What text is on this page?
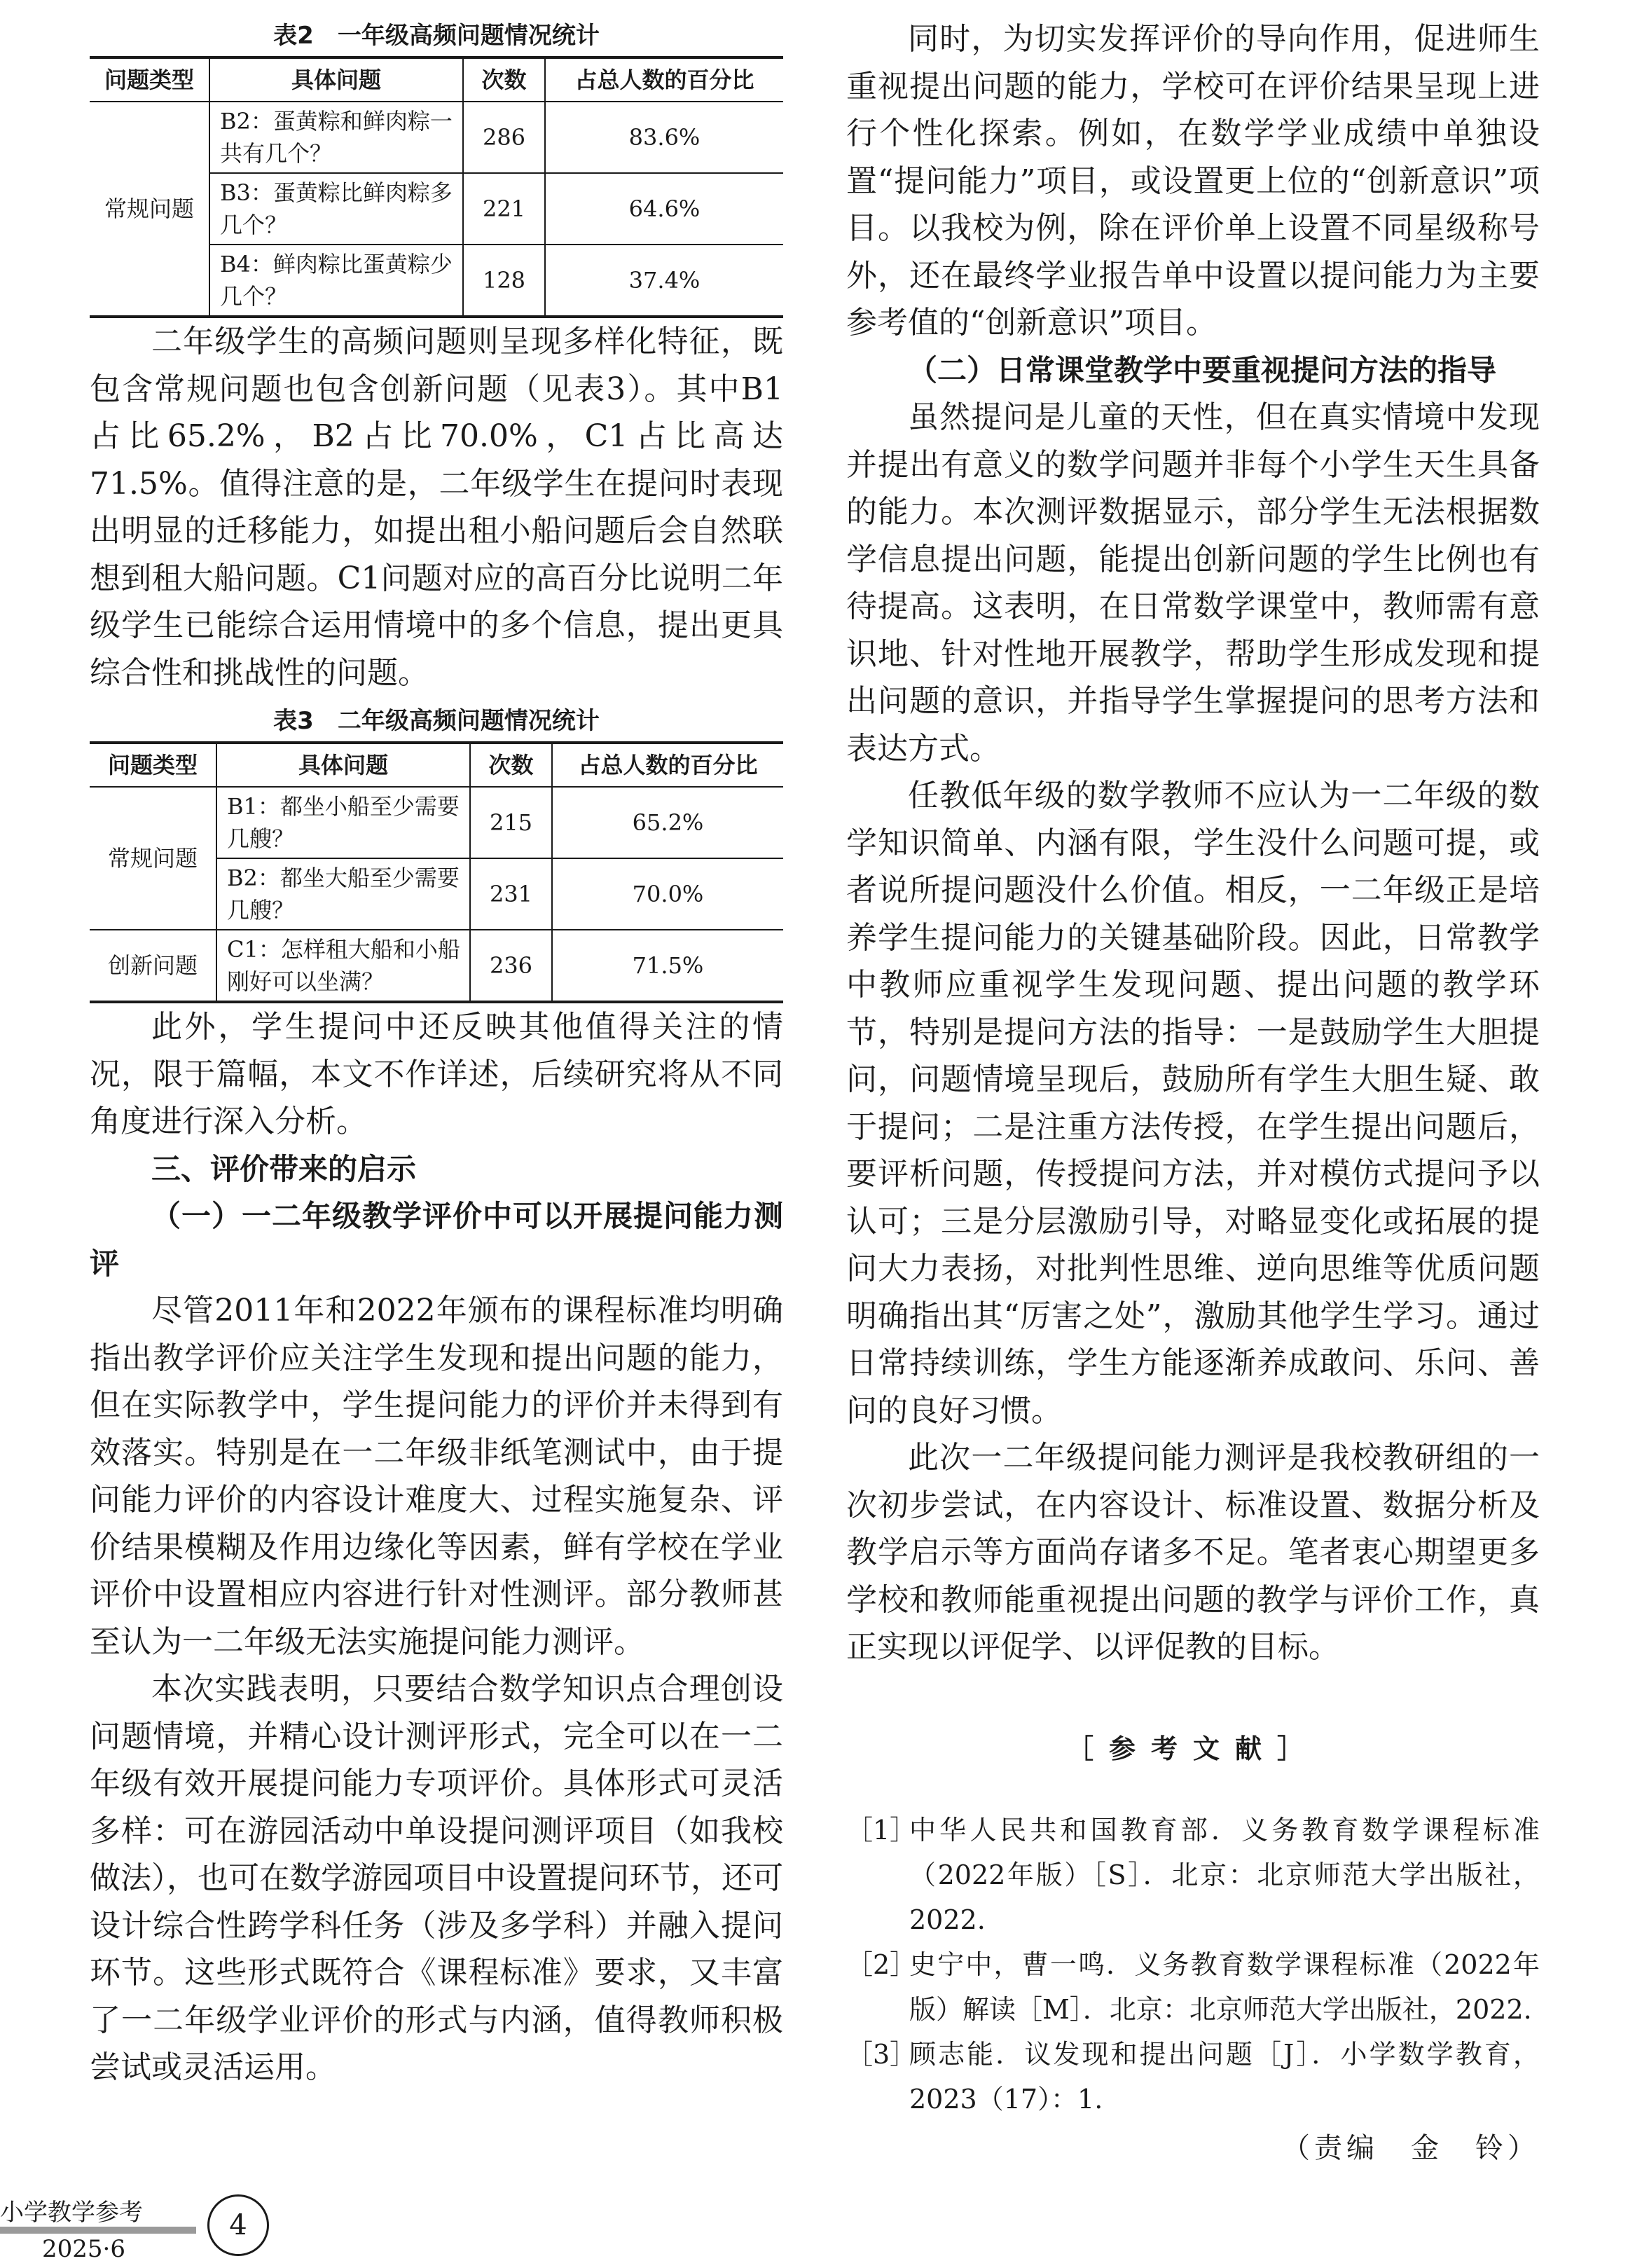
表2　一年级高频问题情况统计

问题类型	具体问题	次数	占总人数的百分比
常规问题	B2：蛋黄粽和鲜肉粽一共有几个？	286	83.6%
	B3：蛋黄粽比鲜肉粽多几个？	221	64.6%
	B4：鲜肉粽比蛋黄粽少几个？	128	37.4%

二年级学生的高频问题则呈现多样化特征，既包含常规问题也包含创新问题（见表3）。其中B1占比65.2%，B2占比70.0%，C1占比高达71.5%。值得注意的是，二年级学生在提问时表现出明显的迁移能力，如提出租小船问题后会自然联想到租大船问题。C1问题对应的高百分比说明二年级学生已能综合运用情境中的多个信息，提出更具综合性和挑战性的问题。

表3　二年级高频问题情况统计

问题类型	具体问题	次数	占总人数的百分比
常规问题	B1：都坐小船至少需要几艘？	215	65.2%
	B2：都坐大船至少需要几艘？	231	70.0%
创新问题	C1：怎样租大船和小船刚好可以坐满？	236	71.5%

此外，学生提问中还反映其他值得关注的情况，限于篇幅，本文不作详述，后续研究将从不同角度进行深入分析。

三、评价带来的启示

（一）一二年级教学评价中可以开展提问能力测评

尽管2011年和2022年颁布的课程标准均明确指出教学评价应关注学生发现和提出问题的能力，但在实际教学中，学生提问能力的评价并未得到有效落实。特别是在一二年级非纸笔测试中，由于提问能力评价的内容设计难度大、过程实施复杂、评价结果模糊及作用边缘化等因素，鲜有学校在学业评价中设置相应内容进行针对性测评。部分教师甚至认为一二年级无法实施提问能力测评。

本次实践表明，只要结合数学知识点合理创设问题情境，并精心设计测评形式，完全可以在一二年级有效开展提问能力专项评价。具体形式可灵活多样：可在游园活动中单设提问测评项目（如我校做法），也可在数学游园项目中设置提问环节，还可设计综合性跨学科任务（涉及多学科）并融入提问环节。这些形式既符合《课程标准》要求，又丰富了一二年级学业评价的形式与内涵，值得教师积极尝试或灵活运用。

同时，为切实发挥评价的导向作用，促进师生重视提出问题的能力，学校可在评价结果呈现上进行个性化探索。例如，在数学学业成绩中单独设置“提问能力”项目，或设置更上位的“创新意识”项目。以我校为例，除在评价单上设置不同星级称号外，还在最终学业报告单中设置以提问能力为主要参考值的“创新意识”项目。

（二）日常课堂教学中要重视提问方法的指导

虽然提问是儿童的天性，但在真实情境中发现并提出有意义的数学问题并非每个小学生天生具备的能力。本次测评数据显示，部分学生无法根据数学信息提出问题，能提出创新问题的学生比例也有待提高。这表明，在日常数学课堂中，教师需有意识地、针对性地开展教学，帮助学生形成发现和提出问题的意识，并指导学生掌握提问的思考方法和表达方式。

任教低年级的数学教师不应认为一二年级的数学知识简单、内涵有限，学生没什么问题可提，或者说所提问题没什么价值。相反，一二年级正是培养学生提问能力的关键基础阶段。因此，日常教学中教师应重视学生发现问题、提出问题的教学环节，特别是提问方法的指导：一是鼓励学生大胆提问，问题情境呈现后，鼓励所有学生大胆生疑、敢于提问；二是注重方法传授，在学生提出问题后，要评析问题，传授提问方法，并对模仿式提问予以认可；三是分层激励引导，对略显变化或拓展的提问大力表扬，对批判性思维、逆向思维等优质问题明确指出其“厉害之处”，激励其他学生学习。通过日常持续训练，学生方能逐渐养成敢问、乐问、善问的良好习惯。

此次一二年级提问能力测评是我校教研组的一次初步尝试，在内容设计、标准设置、数据分析及教学启示等方面尚存诸多不足。笔者衷心期望更多学校和教师能重视提出问题的教学与评价工作，真正实现以评促学、以评促教的目标。

［参考文献］

［1］
中华人民共和国教育部．义务教育数学课程标准（2022年版）［S］．北京：北京师范大学出版社，2022.
［2］
史宁中，曹一鸣．义务教育数学课程标准（2022年版）解读［M］．北京：北京师范大学出版社，2022.
［3］
顾志能．议发现和提出问题［J］．小学数学教育，2023（17）：1.

（责编　金　铃）

小学教学参考
2025·6
4
